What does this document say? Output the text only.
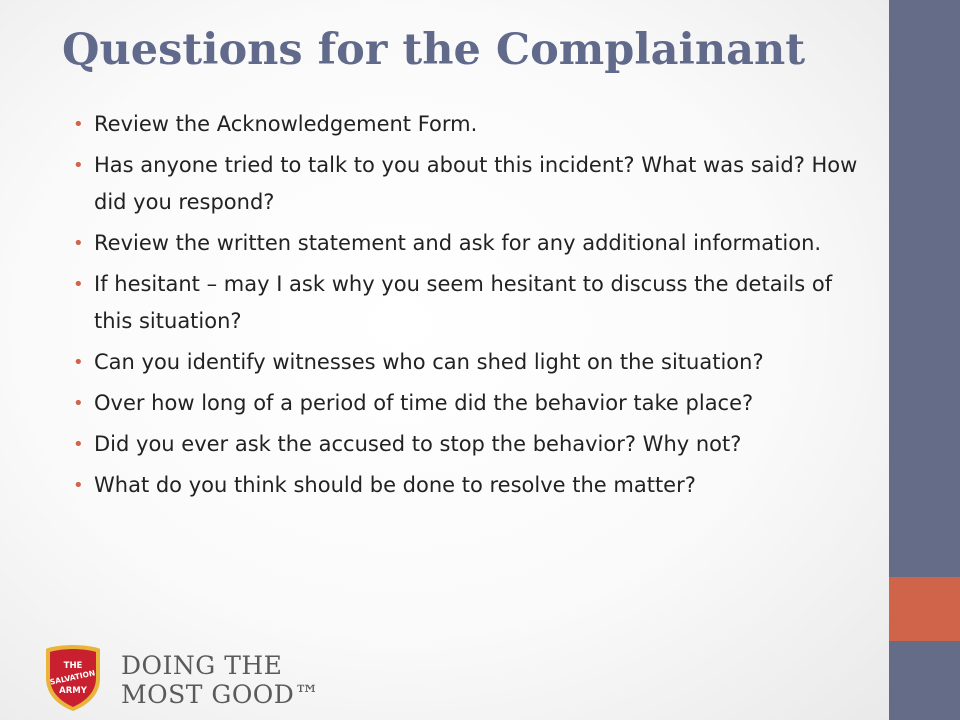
Questions for the Complainant
• Review the Acknowledgement Form.
• Has anyone tried to talk to you about this incident? What was said? How did you respond?
• Review the written statement and ask for any additional information.
• If hesitant – may I ask why you seem hesitant to discuss the details of this situation?
• Can you identify witnesses who can shed light on the situation?
• Over how long of a period of time did the behavior take place?
• Did you ever ask the accused to stop the behavior? Why not?
• What do you think should be done to resolve the matter?
THE
SALVATION
ARMY
DOING THE
MOST GOOD™
